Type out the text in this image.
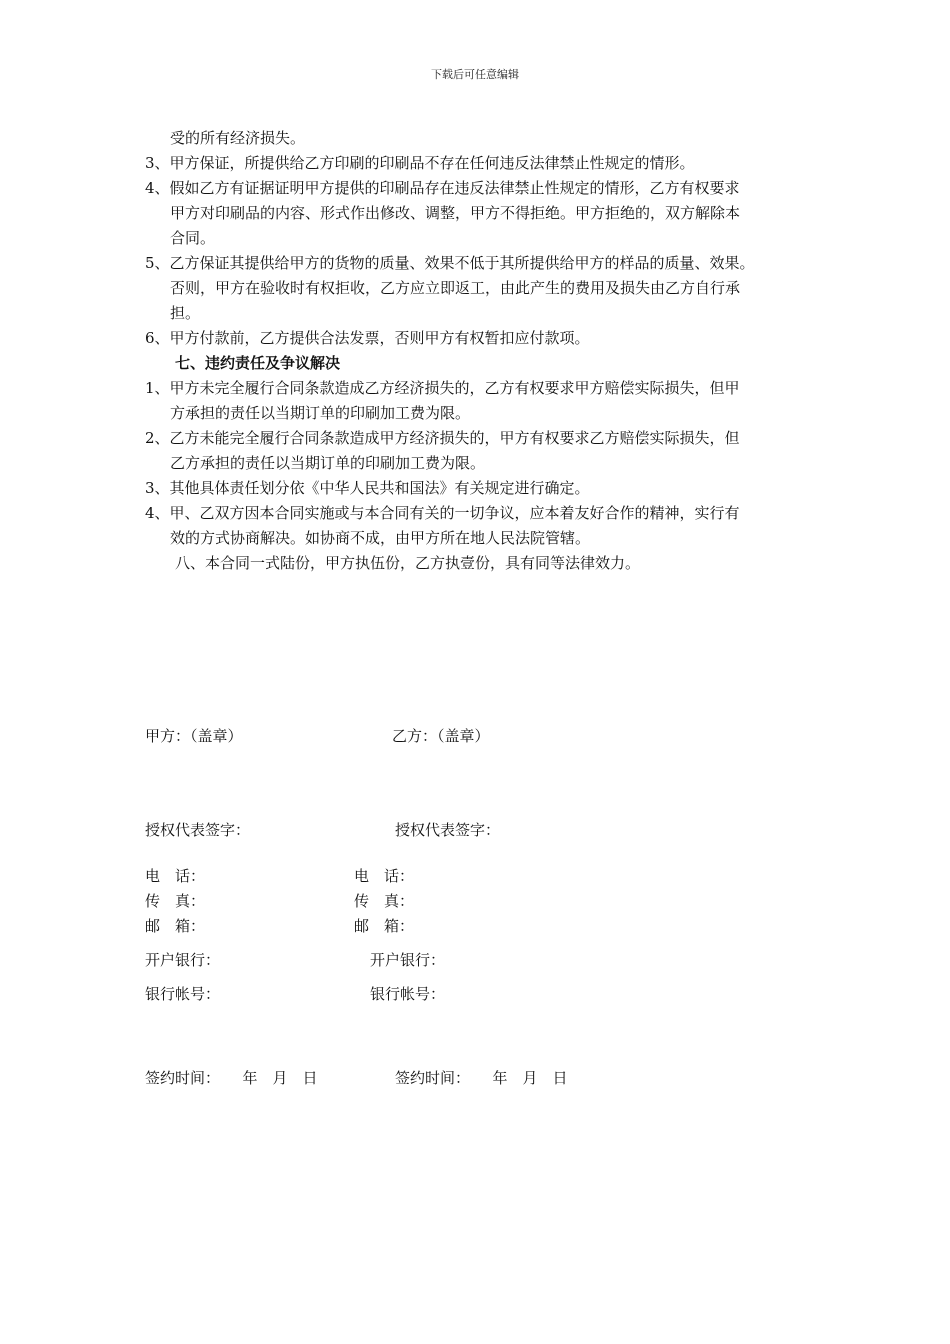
下载后可任意编辑
受的所有经济损失。
3、甲方保证，所提供给乙方印刷的印刷品不存在任何违反法律禁止性规定的情形。
4、假如乙方有证据证明甲方提供的印刷品存在违反法律禁止性规定的情形，乙方有权要求
甲方对印刷品的内容、形式作出修改、调整，甲方不得拒绝。甲方拒绝的，双方解除本
合同。
5、乙方保证其提供给甲方的货物的质量、效果不低于其所提供给甲方的样品的质量、效果。
否则，甲方在验收时有权拒收，乙方应立即返工，由此产生的费用及损失由乙方自行承
担。
6、甲方付款前，乙方提供合法发票，否则甲方有权暂扣应付款项。
七、违约责任及争议解决
1、甲方未完全履行合同条款造成乙方经济损失的，乙方有权要求甲方赔偿实际损失，但甲
方承担的责任以当期订单的印刷加工费为限。
2、乙方未能完全履行合同条款造成甲方经济损失的，甲方有权要求乙方赔偿实际损失，但
乙方承担的责任以当期订单的印刷加工费为限。
3、其他具体责任划分依《中华人民共和国法》有关规定进行确定。
4、甲、乙双方因本合同实施或与本合同有关的一切争议，应本着友好合作的精神，实行有
效的方式协商解决。如协商不成，由甲方所在地人民法院管辖。
八、本合同一式陆份，甲方执伍份，乙方执壹份，具有同等法律效力。
甲方：（盖章）	乙方：（盖章）
授权代表签字：	授权代表签字：
电　话：	电　话：
传　真：	传　真：
邮　箱：	邮　箱：
开户银行：	开户银行：
银行帐号：	银行帐号：
签约时间：　　年　月　日	签约时间：　　年　月　日
